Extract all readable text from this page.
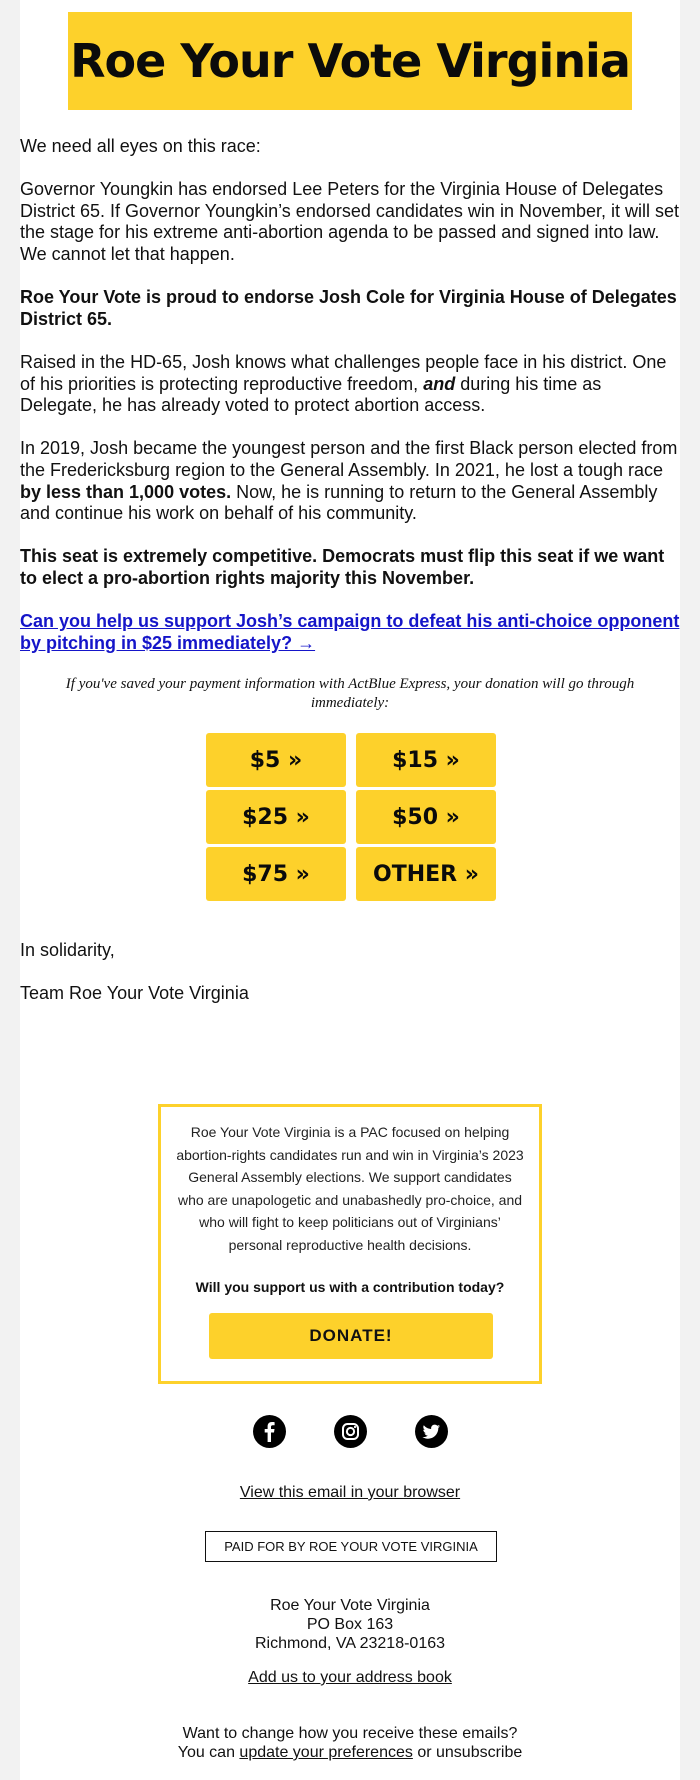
Roe Your Vote Virginia

We need all eyes on this race:

Governor Youngkin has endorsed Lee Peters for the Virginia House of Delegates District 65. If Governor Youngkin’s endorsed candidates win in November, it will set the stage for his extreme anti-abortion agenda to be passed and signed into law. We cannot let that happen.

Roe Your Vote is proud to endorse Josh Cole for Virginia House of Delegates District 65.

Raised in the HD-65, Josh knows what challenges people face in his district. One of his priorities is protecting reproductive freedom, and during his time as Delegate, he has already voted to protect abortion access.

In 2019, Josh became the youngest person and the first Black person elected from the Fredericksburg region to the General Assembly. In 2021, he lost a tough race by less than 1,000 votes. Now, he is running to return to the General Assembly and continue his work on behalf of his community.

This seat is extremely competitive. Democrats must flip this seat if we want to elect a pro-abortion rights majority this November.

Can you help us support Josh’s campaign to defeat his anti-choice opponent by pitching in $25 immediately? →

If you've saved your payment information with ActBlue Express, your donation will go through immediately:
$5 »	$15 »
$25 »	$50 »
$75 »	OTHER »

In solidarity,

Team Roe Your Vote Virginia

Roe Your Vote Virginia is a PAC focused on helping abortion-rights candidates run and win in Virginia’s 2023 General Assembly elections. We support candidates who are unapologetic and unabashedly pro-choice, and who will fight to keep politicians out of Virginians’ personal reproductive health decisions.
Will you support us with a contribution today?
DONATE!
View this email in your browser
PAID FOR BY ROE YOUR VOTE VIRGINIA
Roe Your Vote Virginia
PO Box 163
Richmond, VA 23218-0163
Add us to your address book
Want to change how you receive these emails?
You can update your preferences or unsubscribe
